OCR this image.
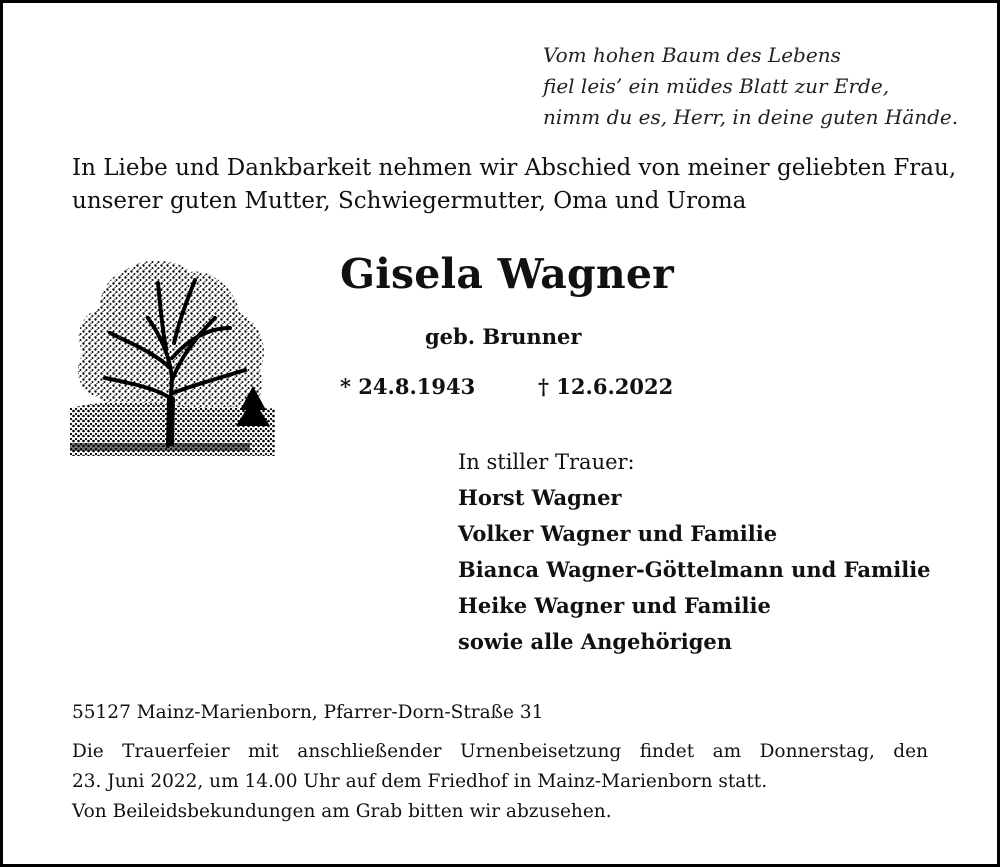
Vom hohen Baum des Lebens
fiel leis’ ein müdes Blatt zur Erde,
nimm du es, Herr, in deine guten Hände.
In Liebe und Dankbarkeit nehmen wir Abschied von meiner geliebten Frau,
unserer guten Mutter, Schwiegermutter, Oma und Uroma
Gisela Wagner
geb. Brunner
* 24.8.1943	† 12.6.2022
In stiller Trauer:
Horst Wagner
Volker Wagner und Familie
Bianca Wagner-Göttelmann und Familie
Heike Wagner und Familie
sowie alle Angehörigen
55127 Mainz-Marienborn, Pfarrer-Dorn-Straße 31
Die Trauerfeier mit anschließender Urnenbeisetzung findet am Donnerstag, den
23. Juni 2022, um 14.00 Uhr auf dem Friedhof in Mainz-Marienborn statt.
Von Beileidsbekundungen am Grab bitten wir abzusehen.
